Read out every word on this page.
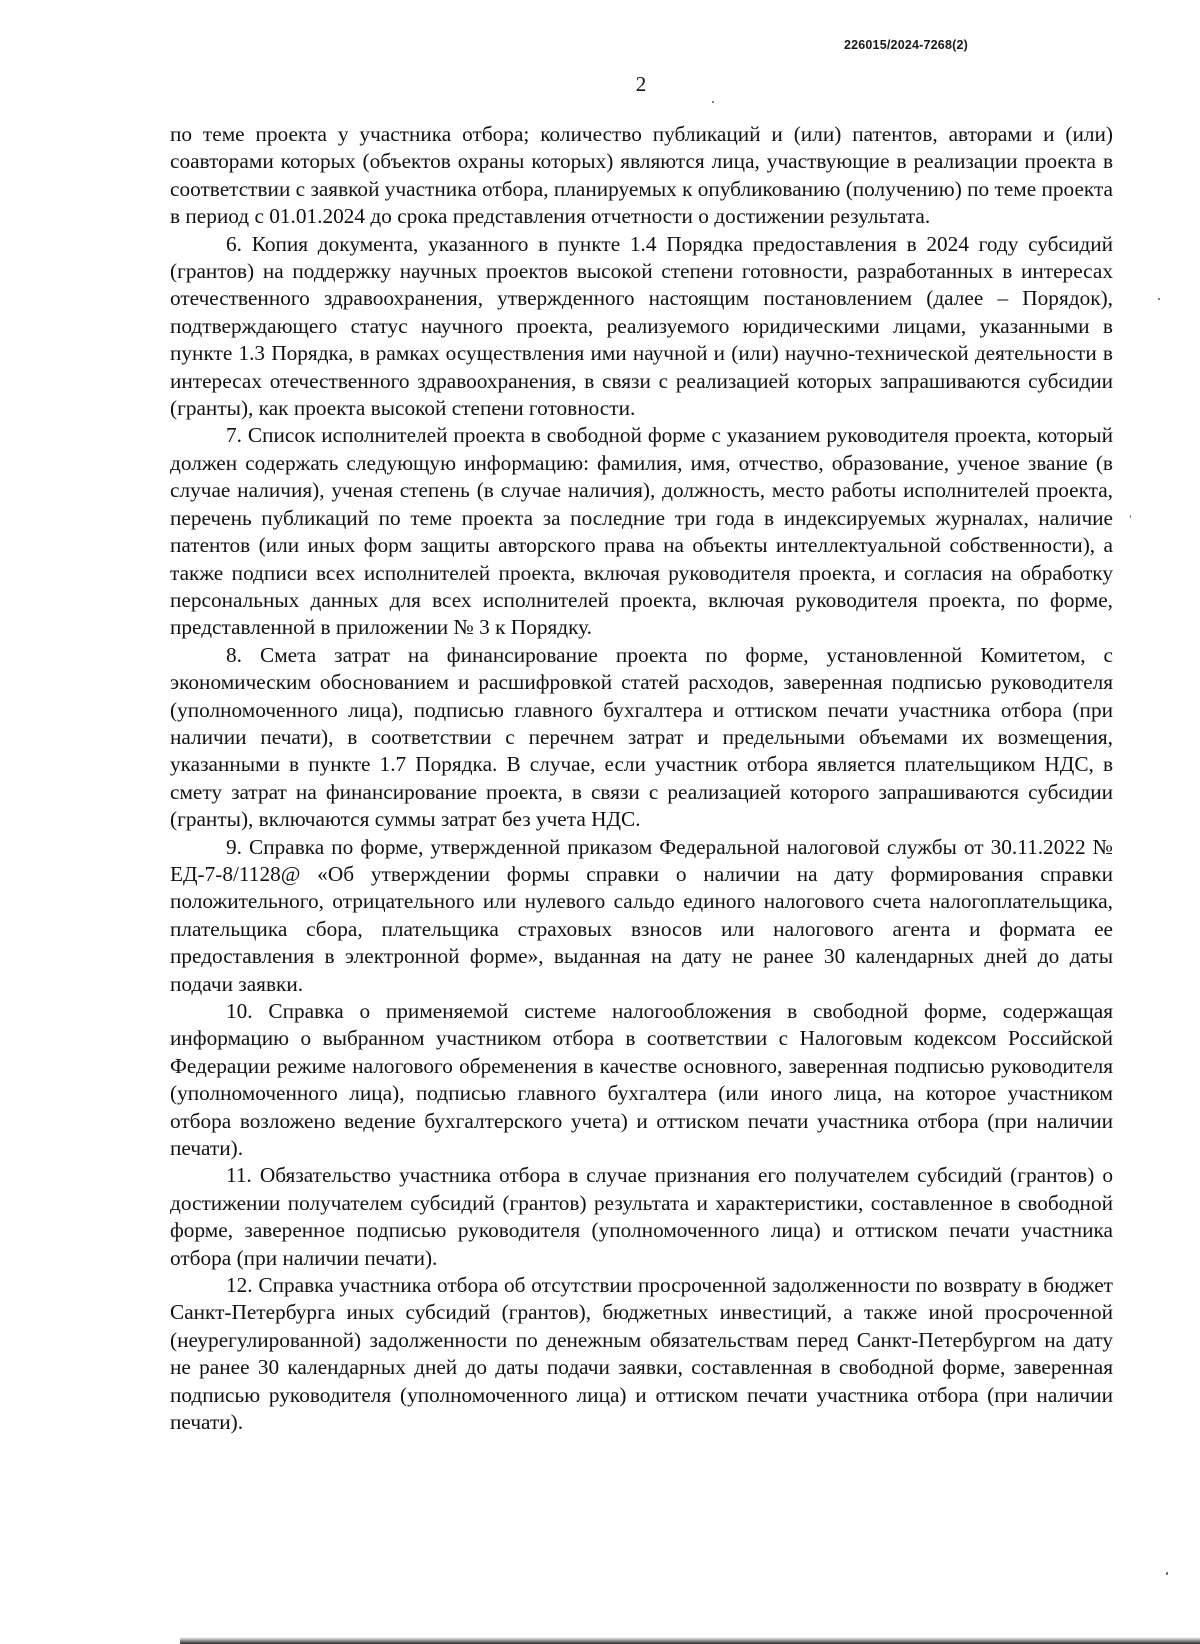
226015/2024-7268(2)
2

по теме проекта у участника отбора; количество публикаций и (или) патентов, авторами и (или) соавторами которых (объектов охраны которых) являются лица, участвующие в реализации проекта в соответствии с заявкой участника отбора, планируемых к опубликованию (получению) по теме проекта в период с 01.01.2024 до срока представления отчетности о достижении результата.

6. Копия документа, указанного в пункте 1.4 Порядка предоставления в 2024 году субсидий (грантов) на поддержку научных проектов высокой степени готовности, разработанных в интересах отечественного здравоохранения, утвержденного настоящим постановлением (далее – Порядок), подтверждающего статус научного проекта, реализуемого юридическими лицами, указанными в пункте 1.3 Порядка, в рамках осуществления ими научной и (или) научно-технической деятельности в интересах отечественного здравоохранения, в связи с реализацией которых запрашиваются субсидии (гранты), как проекта высокой степени готовности.

7. Список исполнителей проекта в свободной форме с указанием руководителя проекта, который должен содержать следующую информацию: фамилия, имя, отчество, образование, ученое звание (в случае наличия), ученая степень (в случае наличия), должность, место работы исполнителей проекта, перечень публикаций по теме проекта за последние три года в индексируемых журналах, наличие патентов (или иных форм защиты авторского права на объекты интеллектуальной собственности), а также подписи всех исполнителей проекта, включая руководителя проекта, и согласия на обработку персональных данных для всех исполнителей проекта, включая руководителя проекта, по форме, представленной в приложении № 3 к Порядку.

8. Смета затрат на финансирование проекта по форме, установленной Комитетом, с экономическим обоснованием и расшифровкой статей расходов, заверенная подписью руководителя (уполномоченного лица), подписью главного бухгалтера и оттиском печати участника отбора (при наличии печати), в соответствии с перечнем затрат и предельными объемами их возмещения, указанными в пункте 1.7 Порядка. В случае, если участник отбора является плательщиком НДС, в смету затрат на финансирование проекта, в связи с реализацией которого запрашиваются субсидии (гранты), включаются суммы затрат без учета НДС.

9. Справка по форме, утвержденной приказом Федеральной налоговой службы от 30.11.2022 № ЕД-7-8/1128@ «Об утверждении формы справки о наличии на дату формирования справки положительного, отрицательного или нулевого сальдо единого налогового счета налогоплательщика, плательщика сбора, плательщика страховых взносов или налогового агента и формата ее предоставления в электронной форме», выданная на дату не ранее 30 календарных дней до даты подачи заявки.

10. Справка о применяемой системе налогообложения в свободной форме, содержащая информацию о выбранном участником отбора в соответствии с Налоговым кодексом Российской Федерации режиме налогового обременения в качестве основного, заверенная подписью руководителя (уполномоченного лица), подписью главного бухгалтера (или иного лица, на которое участником отбора возложено ведение бухгалтерского учета) и оттиском печати участника отбора (при наличии печати).

11. Обязательство участника отбора в случае признания его получателем субсидий (грантов) о достижении получателем субсидий (грантов) результата и характеристики, составленное в свободной форме, заверенное подписью руководителя (уполномоченного лица) и оттиском печати участника отбора (при наличии печати).

12. Справка участника отбора об отсутствии просроченной задолженности по возврату в бюджет Санкт-Петербурга иных субсидий (грантов), бюджетных инвестиций, а также иной просроченной (неурегулированной) задолженности по денежным обязательствам перед Санкт-Петербургом на дату не ранее 30 календарных дней до даты подачи заявки, составленная в свободной форме, заверенная подписью руководителя (уполномоченного лица) и оттиском печати участника отбора (при наличии печати).
